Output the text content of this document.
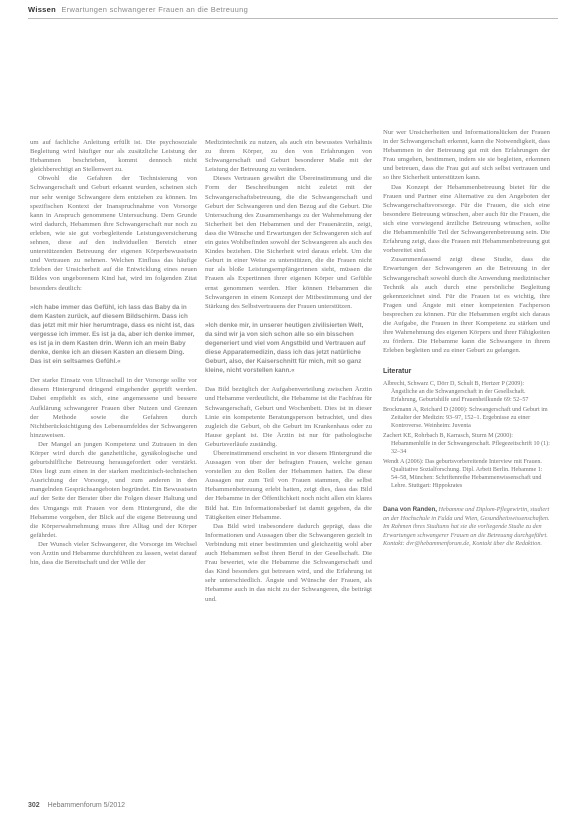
Wissen Erwartungen schwangerer Frauen an die Betreuung

um auf fachliche Anleitung erfüllt ist. Die psychosoziale Begleitung wird häufiger nur als zusätzliche Leistung der Hebammen beschrieben, kommt dennoch nicht gleichberechtigt an Stellenwert zu.

Obwohl die Gefahren der Technisierung von Schwangerschaft und Geburt erkannt wurden, scheinen sich nur sehr wenige Schwangere dem entziehen zu können. Im spezifischen Kontext der Inanspruchnahme von Vorsorge kann in Anspruch genommene Untersuchung. Dem Grunde wird dadurch, Hebammen ihre Schwangerschaft nur noch zu erleben, wie sie gut vorbegleitende Leistungsversicherung sehnen, diese auf den individuellen Bereich einer unterstützenden Betreuung der eigenen Körperbewusstsein und Vertrauen zu nehmen. Welchen Einfluss das häufige Erleben der Unsicherheit auf die Entwicklung eines neuen Bildes von ungeborenem Kind hat, wird im folgenden Zitat besonders deutlich:

»Ich habe immer das Gefühl, ich lass das Baby da in dem Kasten zurück, auf diesem Bildschirm. Dass ich das jetzt mit mir hier herumtrage, dass es nicht ist, das vergesse ich immer. Es ist ja da, aber ich denke immer, es ist ja in dem Kasten drin. Wenn ich an mein Baby denke, denke ich an diesen Kasten an diesem Ding. Das ist ein seltsames Gefühl.«

Der starke Einsatz von Ultraschall in der Vorsorge sollte vor diesem Hintergrund dringend eingehender geprüft werden. Dabei empfiehlt es sich, eine angemessene und bessere Aufklärung schwangerer Frauen über Nutzen und Grenzen der Methode sowie die Gefahren durch Nichtberücksichtigung des Lebensumfeldes der Schwangeren hinzuweisen.

Der Mangel an jungen Kompetenz und Zutrauen in den Körper wird durch die ganzheitliche, gynäkologische und geburtshilfliche Betreuung herausgefordert oder verstärkt. Dies liegt zum einen in der starken medizinisch-technischen Ausrichtung der Vorsorge, und zum anderen in den mangelnden Gesprächsangeboten begründet. Ein Bewusstsein auf der Seite der Berater über die Folgen dieser Haltung und des Umgangs mit Frauen vor dem Hintergrund, die die Hebamme vorgeben, der Blick auf die eigene Betreuung und die Körperwahrnehmung muss ihre Alltag und der Körper gefährdet.

Der Wunsch vieler Schwangerer, die Vorsorge im Wechsel von Ärztin und Hebamme durchführen zu lassen, weist darauf hin, dass die Bereitschaft und der Wille der

Medizintechnik zu nutzen, als auch ein bewusstes Verhältnis zu ihrem Körper, zu den von Erfahrungen von Schwangerschaft und Geburt besonderer Maße mit der Leistung der Betreuung zu verändern.

Dieses Vertrauen gewährt die Übereinstimmung und die Form der Beschreibungen nicht zuletzt mit der Schwangerschaftsbetreuung, die die Schwangerschaft und Geburt der Schwangeren und den Bezug auf die Geburt. Die Untersuchung des Zusammenhangs zu der Wahrnehmung der Sicherheit bei den Hebammen und der Frauenärztin, zeigt, dass die Wünsche und Erwartungen der Schwangeren sich auf ein gutes Wohlbefinden sowohl der Schwangeren als auch des Kindes beziehen. Die Sicherheit wird daraus erlebt. Um die Geburt in einer Weise zu unterstützen, die die Frauen nicht nur als bloße Leistungsempfängerinnen sieht, müssen die Frauen als Expertinnen ihrer eigenen Körper und Gefühle ernst genommen werden. Hier können Hebammen die Schwangeren in einem Konzept der Mitbestimmung und der Stärkung des Selbstvertrauens der Frauen unterstützen.

»Ich denke mir, in unserer heutigen zivilisierten Welt, da sind wir ja von sich schon alle so ein bisschen degeneriert und viel vom Angstbild und Vertrauen auf diese Apparatemedizin, dass ich das jetzt natürliche Geburt, also, der Kaiserschnitt für mich, mit so ganz kleine, nicht vorstellen kann.«

Das Bild bezüglich der Aufgabenverteilung zwischen Ärztin und Hebamme verdeutlicht, die Hebamme ist die Fachfrau für Schwangerschaft, Geburt und Wochenbett. Dies ist in dieser Linie ein kompetente Beratungsperson betrachtet, und dies zugleich die Geburt, ob die Geburt im Krankenhaus oder zu Hause geplant ist. Die Ärztin ist nur für pathologische Geburtsverläufe zuständig.

Übereinstimmend erscheint in vor diesem Hintergrund die Aussagen von über der befragten Frauen, welche genau vorstellen zu den Rollen der Hebammen hatten. Da diese Aussagen nur zum Teil von Frauen stammen, die selbst Hebammenbetreuung erlebt hatten, zeigt dies, dass das Bild der Hebamme in der Öffentlichkeit noch nicht allen ein klares Bild hat. Ein Informationsbedarf ist damit gegeben, da die Tätigkeiten einer Hebamme.

Das Bild wird insbesondere dadurch geprägt, dass die Informationen und Aussagen über die Schwangeren gezielt in Verbindung mit einer bestimmten und gleichzeitig wohl aber auch Hebammen selbst ihren Beruf in der Gesellschaft. Die Frau bewertet, wie die Hebamme die Schwangerschaft und das Kind besonders gut betreuen wird, und die Erfahrung ist sehr unterschiedlich. Ängste und Wünsche der Frauen, als Hebamme auch in das nicht zu der Schwangeren, die beiträgt und.

Nur wer Unsicherheiten und Informationslücken der Frauen in der Schwangerschaft erkennt, kann die Notwendigkeit, dass Hebammen in der Betreuung gut mit den Erfahrungen der Frau umgehen, bestimmen, indem sie sie begleiten, erkennen und betreuen, dass die Frau gut auf sich selbst vertrauen und so ihre Sicherheit unterstützen kann.

Das Konzept der Hebammenbetreuung bietet für die Frauen und Partner eine Alternative zu den Angeboten der Schwangerschaftsvorsorge. Für die Frauen, die sich eine besondere Betreuung wünschen, aber auch für die Frauen, die sich eine vorwiegend ärztliche Betreuung wünschen, sollte die Hebammenhilfe Teil der Schwangerenbetreuung sein. Die Erfahrung zeigt, dass die Frauen mit Hebammenbetreuung gut vorbereitet sind.

Zusammenfassend zeigt diese Studie, dass die Erwartungen der Schwangeren an die Betreuung in der Schwangerschaft sowohl durch die Anwendung medizinischer Technik als auch durch eine persönliche Begleitung gekennzeichnet sind. Für die Frauen ist es wichtig, ihre Fragen und Ängste mit einer kompetenten Fachperson besprechen zu können. Für die Hebammen ergibt sich daraus die Aufgabe, die Frauen in ihrer Kompetenz zu stärken und ihre Wahrnehmung des eigenen Körpers und ihrer Fähigkeiten zu fördern. Die Hebamme kann die Schwangere in ihrem Erleben begleiten und zu einer Geburt zu gelangen.

Literatur
Albrecht, Schwarz C, Dörr D, Schult B, Hertzer P (2009): Ängstliche an die Schwangerschaft in der Gesellschaft. Erfahrung, Geburtshilfe und Frauenheilkunde 69: 52–57
Brockmann A, Reichard D (2000): Schwangerschaft und Geburt im Zeitalter der Medizin: 93–97, 152–1. Ergebnisse zu einer Kontroverse. Weinheim: Juventa
Zachert KE, Rohrbach B, Karrasch, Sturm M (2000): Hebammenhilfe in der Schwangerschaft. Pflegezeitschrift 10 (1): 32–34
Wendt A (2006): Das geburtsvorbereitende Interview mit Frauen. Qualitative Sozialforschung. Dipl. Arbeit Berlin. Hebamme 1: 54–58, München: Schriftenreihe Hebammenwissenschaft und Lehre. Stuttgart: Hippokrates
Dana von Randen, Hebamme und Diplom-Pflegewirtin, studiert an der Hochschule in Fulda und Wien, Gesundheitswissenschaften. Im Rahmen ihres Studiums hat sie die vorliegende Studie zu den Erwartungen schwangerer Frauen an die Betreuung durchgeführt. Kontakt: dvr@hebammenforum.de, Kontakt über die Redaktion.
302 Hebammenforum 5/2012
